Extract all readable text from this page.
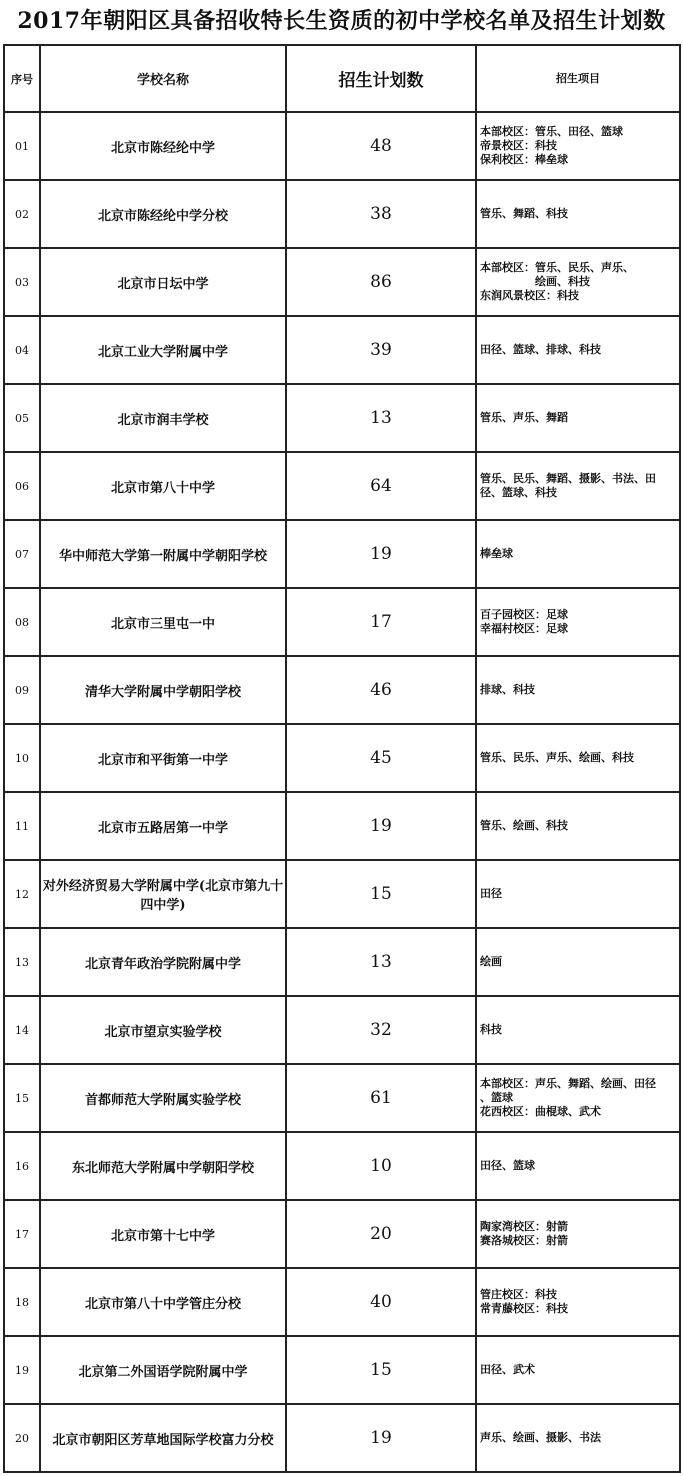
2017年朝阳区具备招收特长生资质的初中学校名单及招生计划数
序号	学校名称	招生计划数	招生项目
01	北京市陈经纶中学	48	本部校区：管乐、田径、篮球
帝景校区：科技
保利校区：棒垒球
02	北京市陈经纶中学分校	38	管乐、舞蹈、科技
03	北京市日坛中学	86	本部校区：管乐、民乐、声乐、
　　　　　绘画、科技
东润风景校区：科技
04	北京工业大学附属中学	39	田径、篮球、排球、科技
05	北京市润丰学校	13	管乐、声乐、舞蹈
06	北京市第八十中学	64	管乐、民乐、舞蹈、摄影、书法、田
径、篮球、科技
07	华中师范大学第一附属中学朝阳学校	19	棒垒球
08	北京市三里屯一中	17	百子园校区：足球
幸福村校区：足球
09	清华大学附属中学朝阳学校	46	排球、科技
10	北京市和平街第一中学	45	管乐、民乐、声乐、绘画、科技
11	北京市五路居第一中学	19	管乐、绘画、科技
12	对外经济贸易大学附属中学(北京市第九十四中学)	15	田径
13	北京青年政治学院附属中学	13	绘画
14	北京市望京实验学校	32	科技
15	首都师范大学附属实验学校	61	本部校区：声乐、舞蹈、绘画、田径
、篮球
花西校区：曲棍球、武术
16	东北师范大学附属中学朝阳学校	10	田径、篮球
17	北京市第十七中学	20	陶家湾校区：射箭
赛洛城校区：射箭
18	北京市第八十中学管庄分校	40	管庄校区：科技
常青藤校区：科技
19	北京第二外国语学院附属中学	15	田径、武术
20	北京市朝阳区芳草地国际学校富力分校	19	声乐、绘画、摄影、书法
